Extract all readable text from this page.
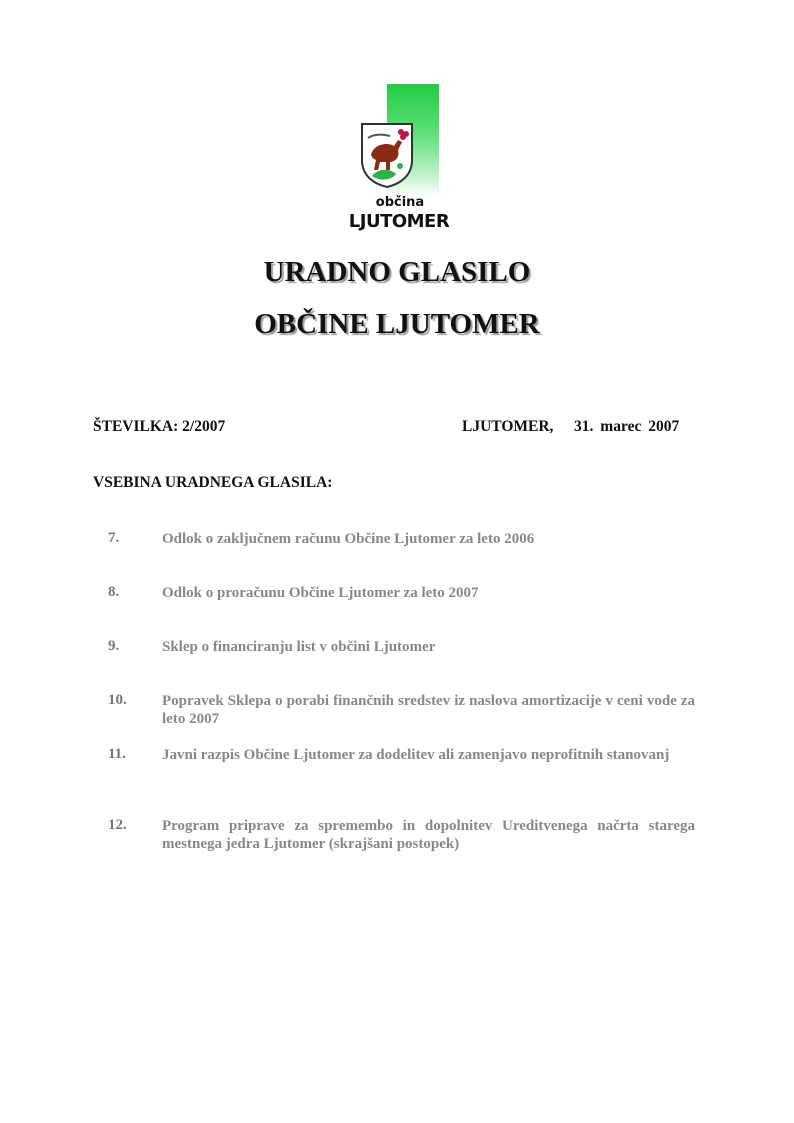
občina
LJUTOMER
URADNO GLASILO
OBČINE LJUTOMER
ŠTEVILKA: 2/2007	LJUTOMER,   31. marec 2007
VSEBINA URADNEGA GLASILA:
7.	Odlok o zaključnem računu Občine Ljutomer za leto 2006
8.	Odlok o proračunu Občine Ljutomer za leto 2007
9.	Sklep o financiranju list v občini Ljutomer
10. Popravek Sklepa o porabi finančnih sredstev iz naslova amortizacije v ceni vode za leto 2007
11. Javni razpis Občine Ljutomer za dodelitev ali zamenjavo neprofitnih stanovanj
12. Program priprave za spremembo in dopolnitev Ureditvenega načrta starega mestnega jedra Ljutomer (skrajšani postopek)
